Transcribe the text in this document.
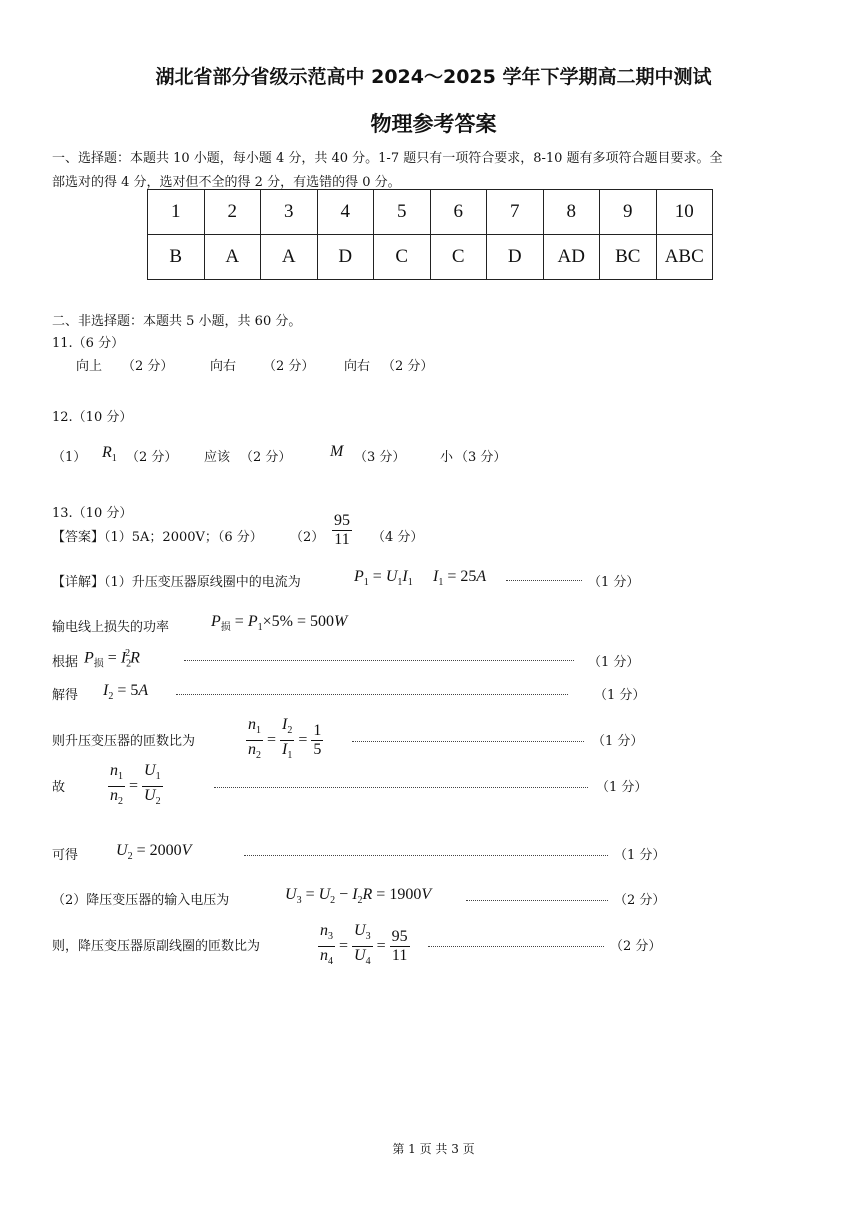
湖北省部分省级示范高中 2024～2025 学年下学期高二期中测试
物理参考答案
一、选择题：本题共 10 小题，每小题 4 分，共 40 分。1-7 题只有一项符合要求，8-10 题有多项符合题目要求。全
部选对的得 4 分，选对但不全的得 2 分，有选错的得 0 分。
1	2	3	4	5	6	7	8	9	10
B	A	A	D	C	C	D	AD	BC	ABC
二、非选择题：本题共 5 小题，共 60 分。
11.（6 分）
向上 （2 分）	向右 （2 分） 向右 （2 分）
12.（10 分）
（1） $R_1$ （2 分） 应该 （2 分） M （3 分）	小 （3 分）
13.（10 分）
【答案】（1）5A；2000V；（6 分） $(2) \frac{95}{11} (4$ 分）
【详解】（1）升压变压器原线圈中的电流为	$P_1 = U_1I_1$ $I_1 = 25A$	（1 分）
输电线上损失的功率	$P_损 = P_1\times 5\% = 500W$
根据 $P_损 = I_2^2R$	（1 分）
解得 $I_2 = 5A$	（1 分）
则升压变压器的匝数比为	$\frac{n_1}{n_2} = \frac{I_2}{I_1} = \frac{1}{5}$	（1 分）
故	$\frac{n_1}{n_2} = \frac{U_1}{U_2}$	（1 分）
可得 $U_2 = 2000V$	（1 分）
（2）降压变压器的输入电压为	$U_3 = U_2 - I_2R = 1900V$	（2 分）
则，降压变压器原副线圈的匝数比为	$\frac{n_3}{n_4} = \frac{U_3}{U_4} = \frac{95}{11}$	（2 分）
第 1 页 共 3 页
